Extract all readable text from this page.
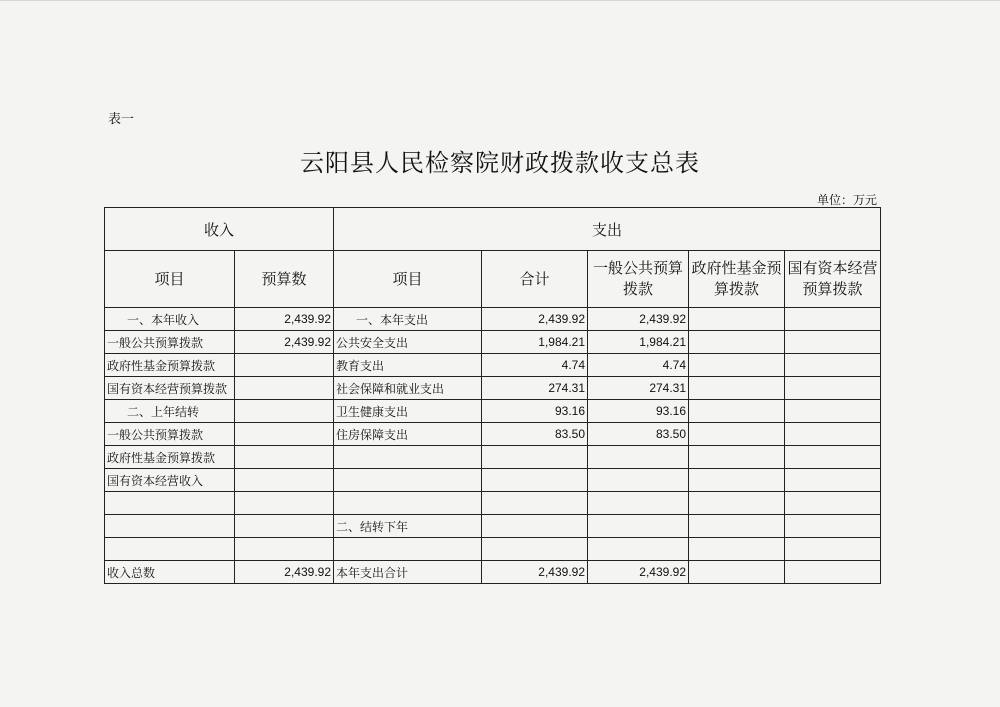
表一
云阳县人民检察院财政拨款收支总表
单位：万元
收入		支出				
项目	预算数	项目	合计	一般公共预算拨款	政府性基金预算拨款	国有资本经营预算拨款
一、本年收入	2,439.92	一、本年支出	2,439.92	2,439.92		
一般公共预算拨款	2,439.92	公共安全支出	1,984.21	1,984.21		
政府性基金预算拨款		教育支出	4.74	4.74		
国有资本经营预算拨款		社会保障和就业支出	274.31	274.31		
二、上年结转		卫生健康支出	93.16	93.16		
一般公共预算拨款		住房保障支出	83.50	83.50		
政府性基金预算拨款						
国有资本经营收入						

		二、结转下年				

收入总数	2,439.92	本年支出合计	2,439.92	2,439.92		
